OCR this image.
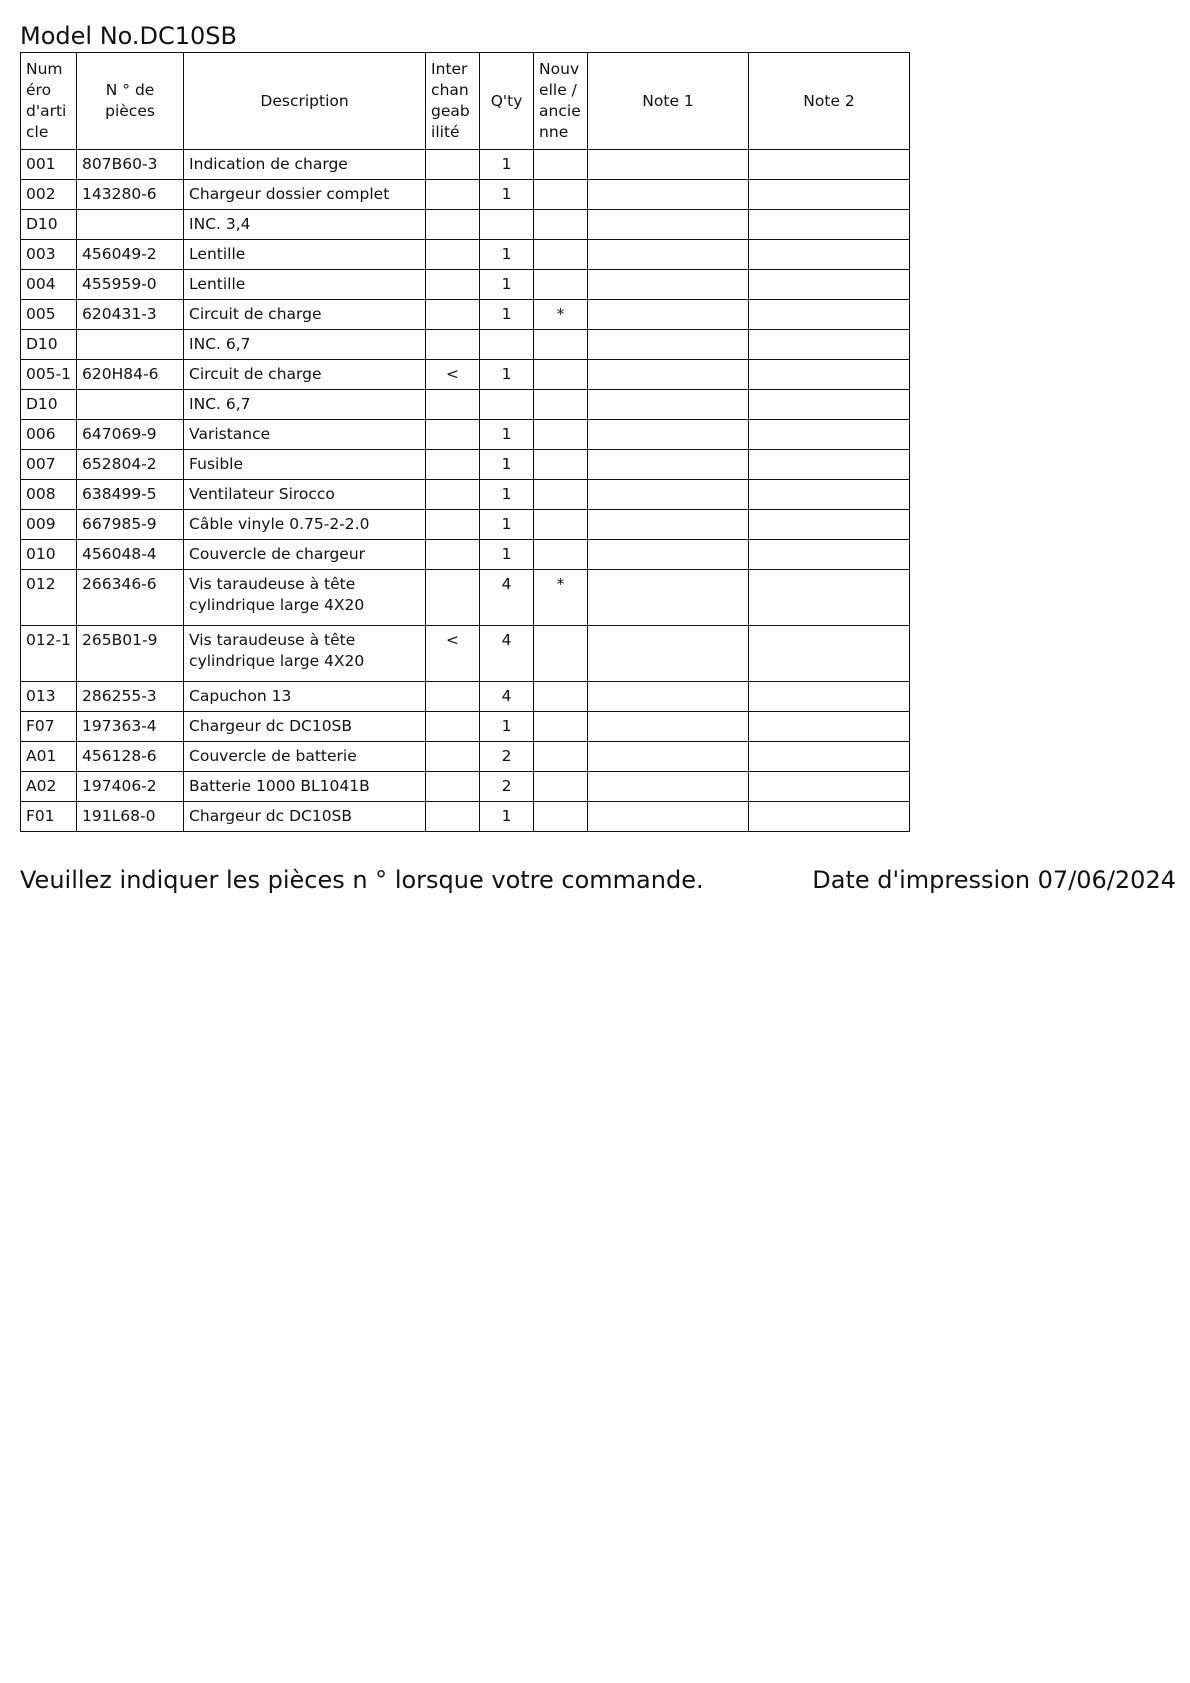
Model No.DC10SB
Numéro d'article	N ° de pièces	Description	Interchangeabilité	Q'ty	Nouvelle / ancienne	Note 1	Note 2
001	807B60-3	Indication de charge		1			
002	143280-6	Chargeur dossier complet		1			
D10		INC. 3,4					
003	456049-2	Lentille		1			
004	455959-0	Lentille		1			
005	620431-3	Circuit de charge		1	*		
D10		INC. 6,7					
005-1	620H84-6	Circuit de charge	<	1			
D10		INC. 6,7					
006	647069-9	Varistance		1			
007	652804-2	Fusible		1			
008	638499-5	Ventilateur Sirocco		1			
009	667985-9	Câble vinyle 0.75-2-2.0		1			
010	456048-4	Couvercle de chargeur		1			
012	266346-6	Vis taraudeuse à tête cylindrique large 4X20		4	*		
012-1	265B01-9	Vis taraudeuse à tête cylindrique large 4X20	<	4			
013	286255-3	Capuchon 13		4			
F07	197363-4	Chargeur dc DC10SB		1			
A01	456128-6	Couvercle de batterie		2			
A02	197406-2	Batterie 1000 BL1041B		2			
F01	191L68-0	Chargeur dc DC10SB		1			
Veuillez indiquer les pièces n ° lorsque votre commande.	Date d'impression 07/06/2024
